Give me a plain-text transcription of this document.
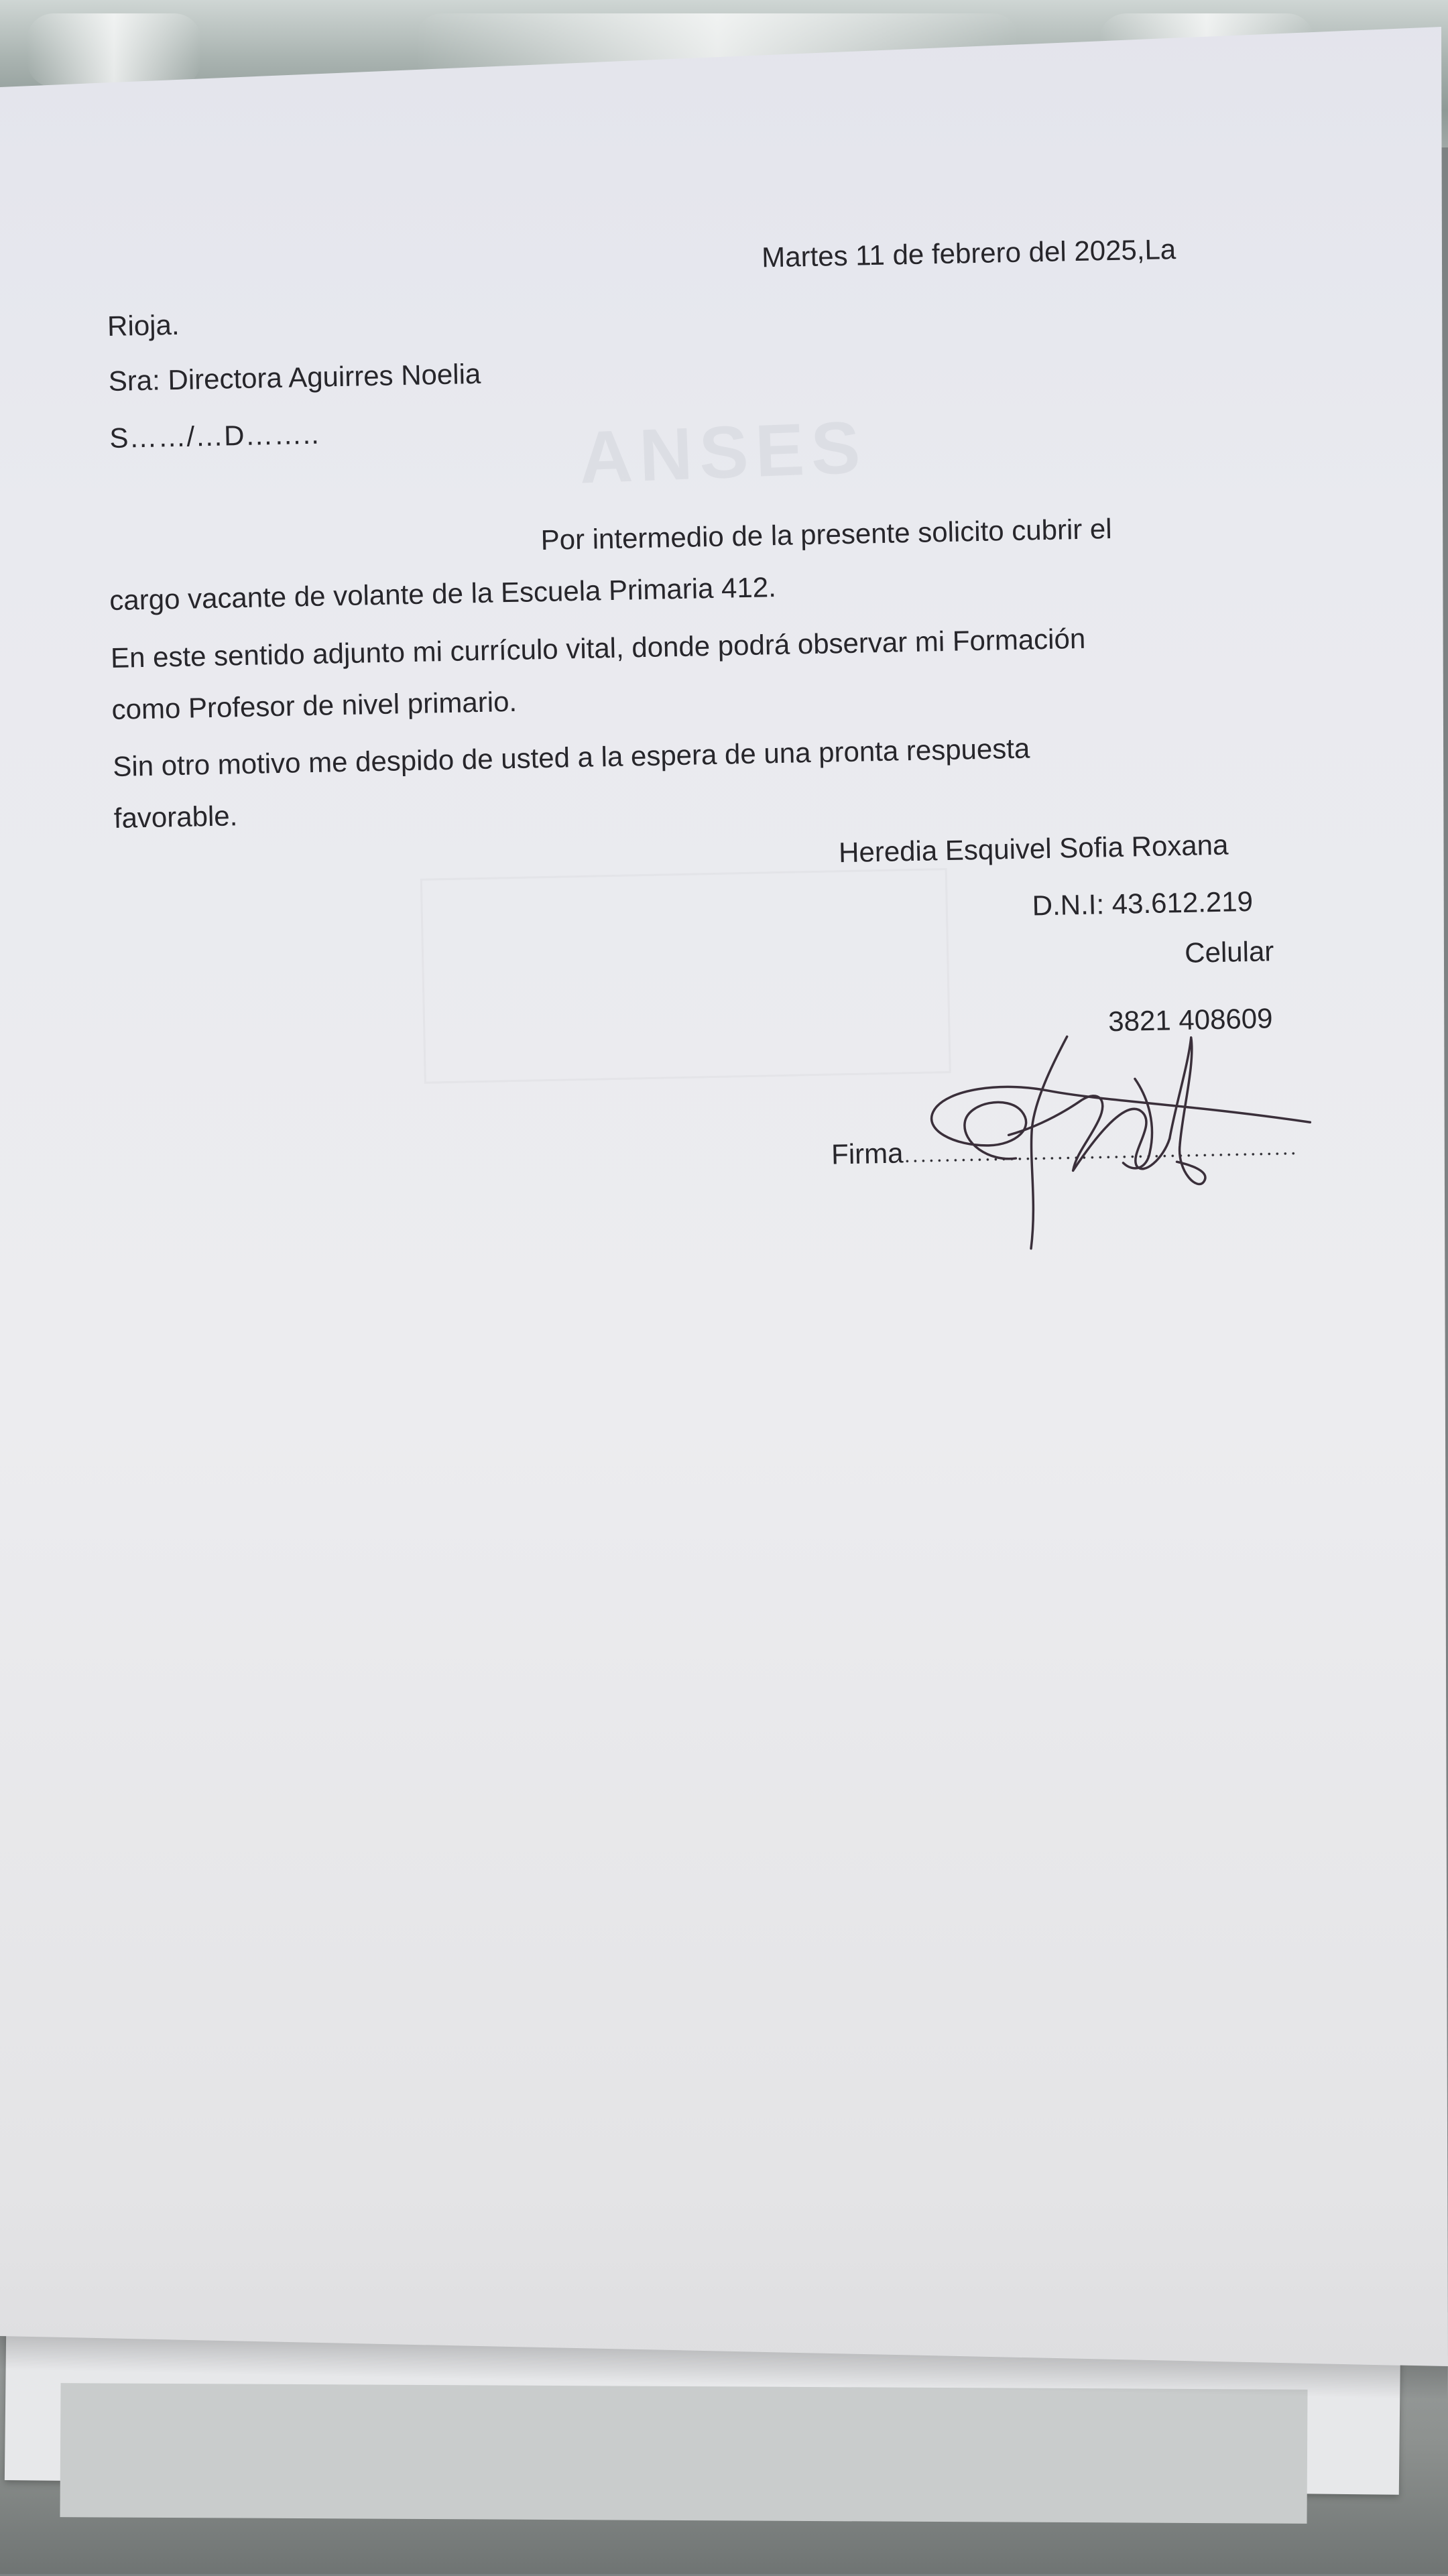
ANSES
Martes 11 de febrero del 2025,La
Rioja.
Sra: Directora Aguirres Noelia
S……/…D……..
Por intermedio de la presente solicito cubrir el
cargo vacante de volante de la Escuela Primaria 412.
En este sentido adjunto mi currículo vital, donde podrá observar mi Formación
como Profesor de nivel primario.
Sin otro motivo me despido de usted a la espera de una pronta respuesta
favorable.
Heredia Esquivel Sofia Roxana
D.N.I: 43.612.219
Celular
3821 408609
Firma
